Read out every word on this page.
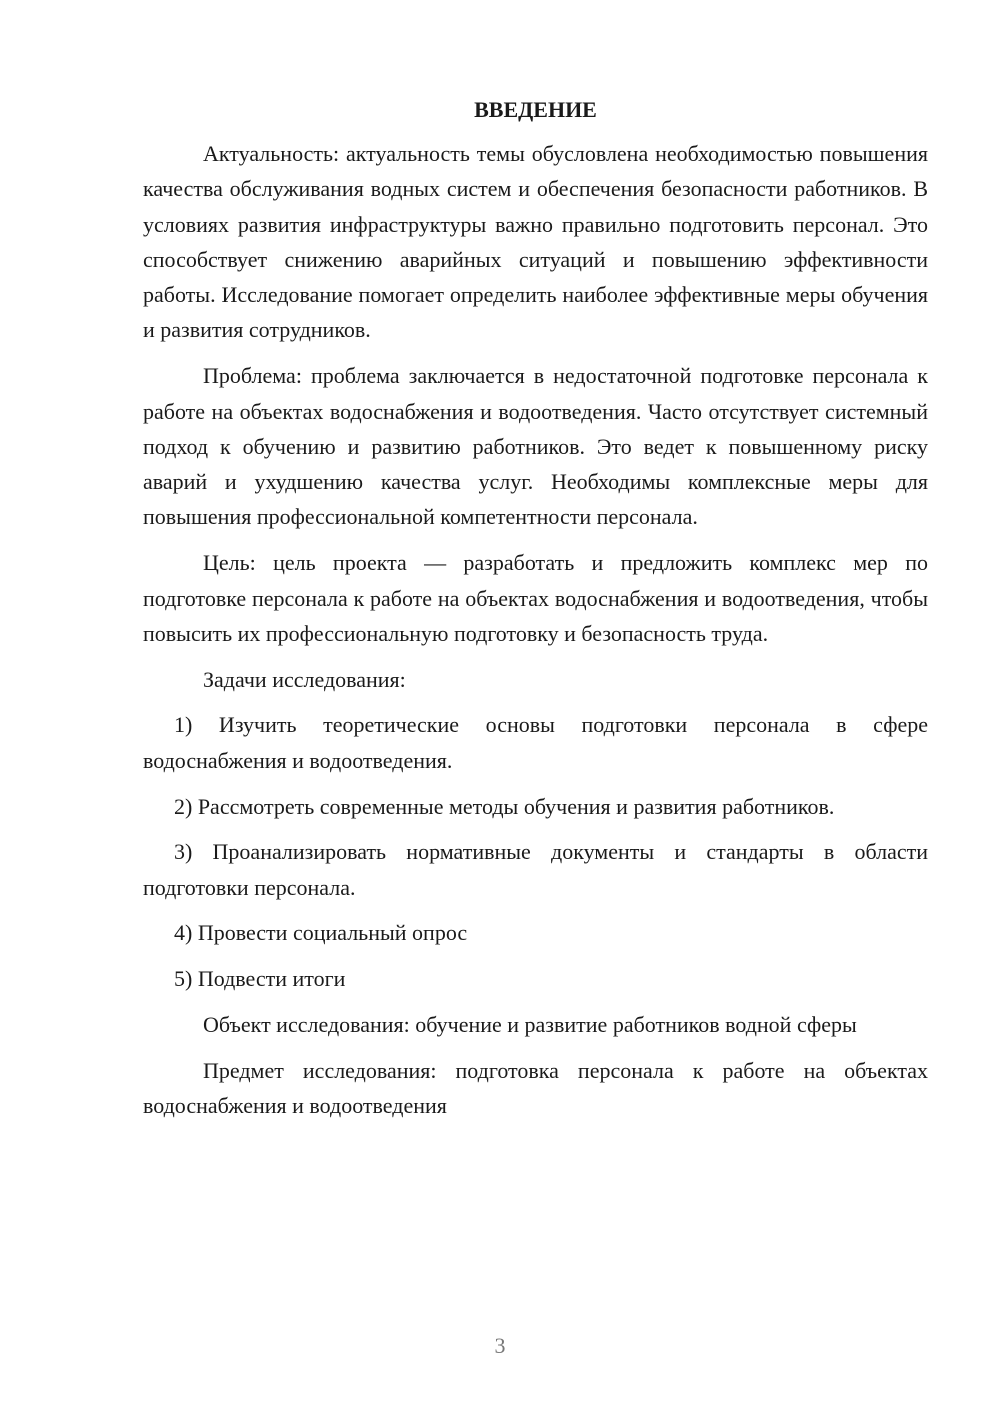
ВВЕДЕНИЕ

Актуальность: актуальность темы обусловлена необходимостью повышения качества обслуживания водных систем и обеспечения безопасности работников. В условиях развития инфраструктуры важно правильно подготовить персонал. Это способствует снижению аварийных ситуаций и повышению эффективности работы. Исследование помогает определить наиболее эффективные меры обучения и развития сотрудников.

Проблема: проблема заключается в недостаточной подготовке персонала к работе на объектах водоснабжения и водоотведения. Часто отсутствует системный подход к обучению и развитию работников. Это ведет к повышенному риску аварий и ухудшению качества услуг. Необходимы комплексные меры для повышения профессиональной компетентности персонала.

Цель: цель проекта — разработать и предложить комплекс мер по подготовке персонала к работе на объектах водоснабжения и водоотведения, чтобы повысить их профессиональную подготовку и безопасность труда.

Задачи исследования:

1) Изучить теоретические основы подготовки персонала в сфере водоснабжения и водоотведения.

2) Рассмотреть современные методы обучения и развития работников.

3) Проанализировать нормативные документы и стандарты в области подготовки персонала.

4) Провести социальный опрос

5) Подвести итоги

Объект исследования: обучение и развитие работников водной сферы

Предмет исследования: подготовка персонала к работе на объектах водоснабжения и водоотведения

3
